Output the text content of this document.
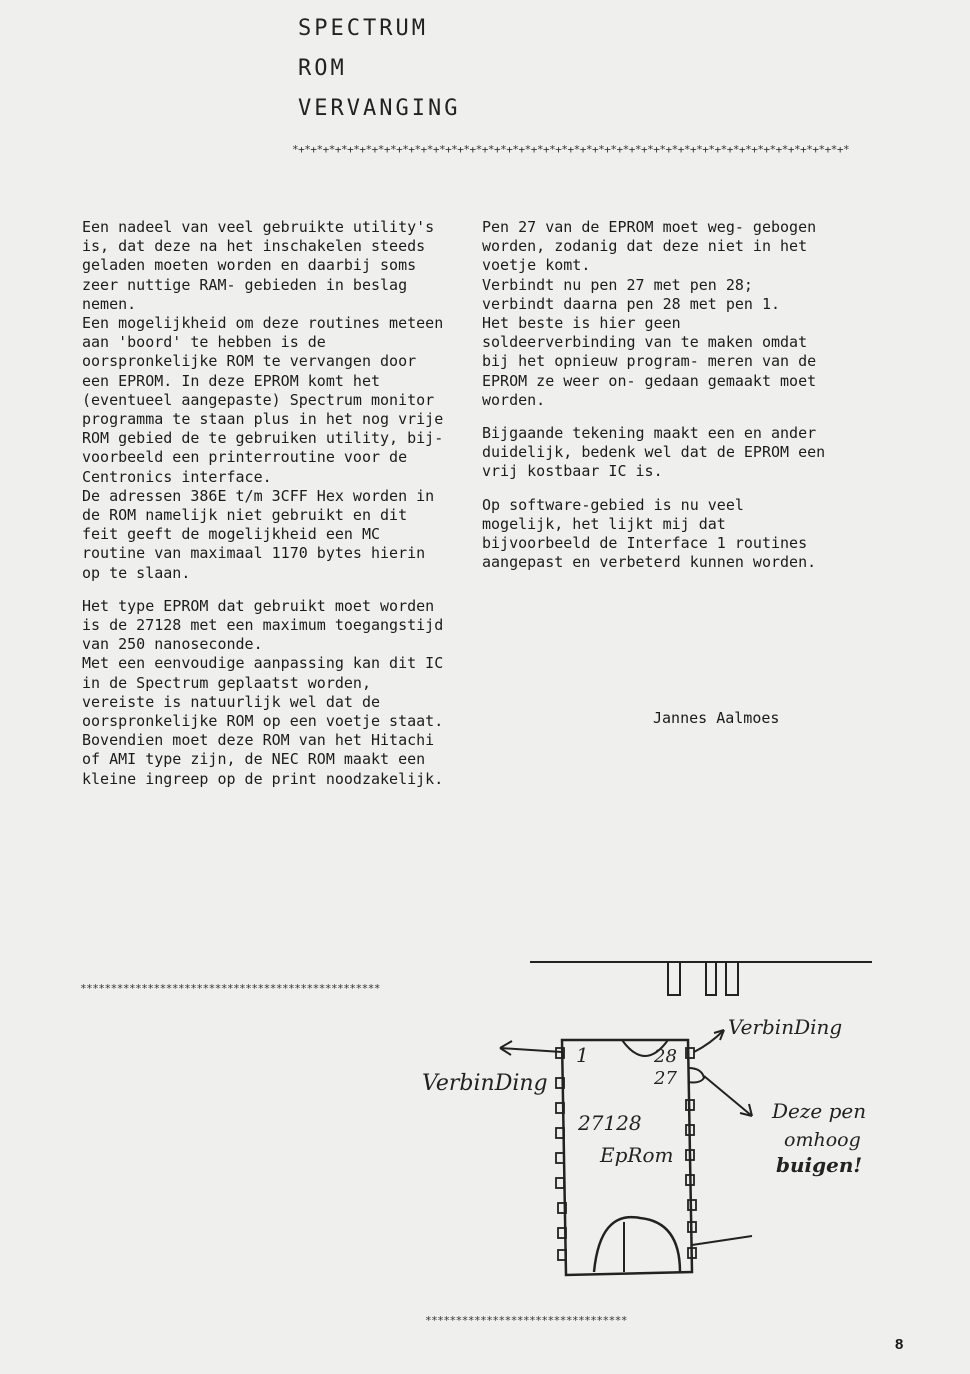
SPECTRUM
ROM
VERVANGING
*+*+*+*+*+*+*+*+*+*+*+*+*+*+*+*+*+*+*+*+*+*+*+*+*+*+*+*+*+*+*+*+*+*+*+*+*+*+*+*+*+*+*+*+*+*

Een nadeel van veel gebruikte utility's is, dat deze na het inschakelen steeds geladen moeten worden en daarbij soms zeer nuttige RAM- gebieden in beslag nemen.

Een mogelijkheid om deze routines meteen aan 'boord' te hebben is de oorspronkelijke ROM te vervangen door een EPROM. In deze EPROM komt het (eventueel aangepaste) Spectrum monitor programma te staan plus in het nog vrije ROM gebied de te gebruiken utility, bij- voorbeeld een printerroutine voor de Centronics interface.

De adressen 386E t/m 3CFF Hex worden in de ROM namelijk niet gebruikt en dit feit geeft de mogelijkheid een MC routine van maximaal 1170 bytes hierin op te slaan.

Het type EPROM dat gebruikt moet worden is de 27128 met een maximum toegangstijd van 250 nanoseconde.

Met een eenvoudige aanpassing kan dit IC in de Spectrum geplaatst worden, vereiste is natuurlijk wel dat de oorspronkelijke ROM op een voetje staat.

Bovendien moet deze ROM van het Hitachi of AMI type zijn, de NEC ROM maakt een kleine ingreep op de print noodzakelijk.

Pen 27 van de EPROM moet weg- gebogen worden, zodanig dat deze niet in het voetje komt.

Verbindt nu pen 27 met pen 28; verbindt daarna pen 28 met pen 1.

Het beste is hier geen soldeerverbinding van te maken omdat bij het opnieuw program- meren van de EPROM ze weer on- gedaan gemaakt moet worden.

Bijgaande tekening maakt een en ander duidelijk, bedenk wel dat de EPROM een vrij kostbaar IC is.

Op software-gebied is nu veel mogelijk, het lijkt mij dat bijvoorbeeld de Interface 1 routines aangepast en verbeterd kunnen worden.

Jannes Aalmoes
*************************************************
VerbinDing
VerbinDing
1	28
27
27128
EpRom
Deze pen
omhoog
buigen!
*********************************
8
